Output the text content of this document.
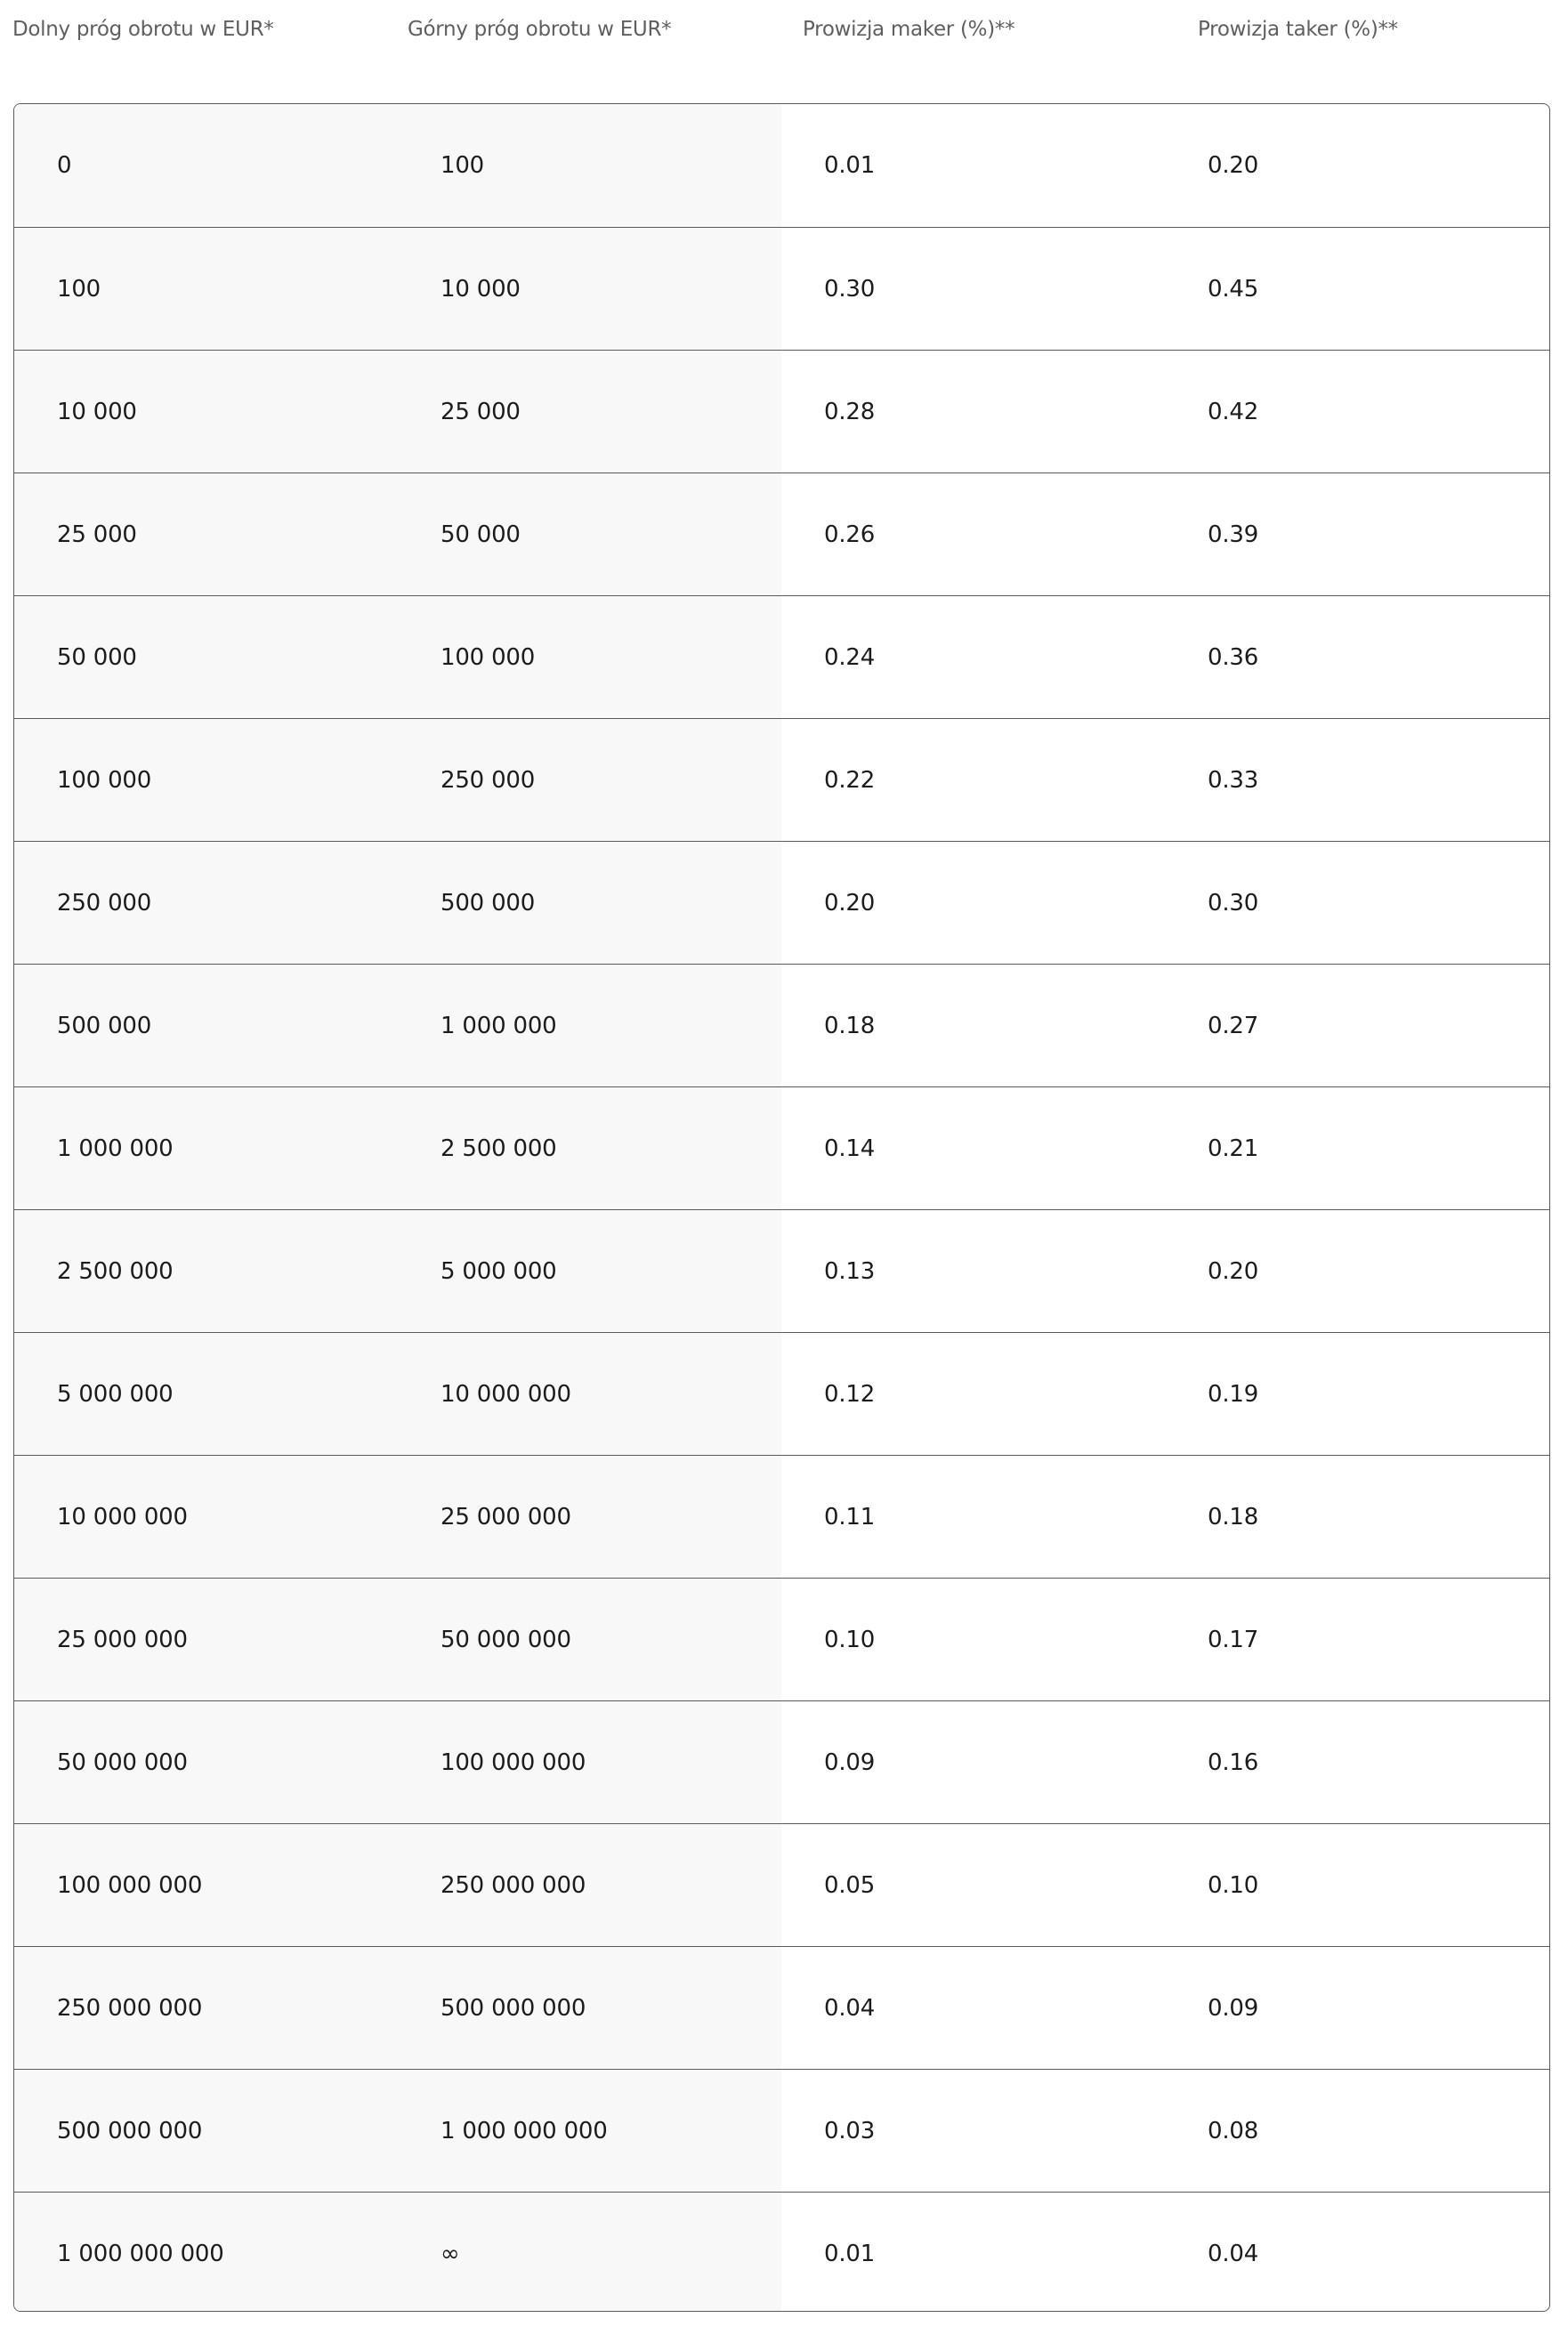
Dolny próg obrotu w EUR*	Górny próg obrotu w EUR*	Prowizja maker (%)**	Prowizja taker (%)**
0	100	0.01	0.20
100	10 000	0.30	0.45
10 000	25 000	0.28	0.42
25 000	50 000	0.26	0.39
50 000	100 000	0.24	0.36
100 000	250 000	0.22	0.33
250 000	500 000	0.20	0.30
500 000	1 000 000	0.18	0.27
1 000 000	2 500 000	0.14	0.21
2 500 000	5 000 000	0.13	0.20
5 000 000	10 000 000	0.12	0.19
10 000 000	25 000 000	0.11	0.18
25 000 000	50 000 000	0.10	0.17
50 000 000	100 000 000	0.09	0.16
100 000 000	250 000 000	0.05	0.10
250 000 000	500 000 000	0.04	0.09
500 000 000	1 000 000 000	0.03	0.08
1 000 000 000	∞	0.01	0.04
